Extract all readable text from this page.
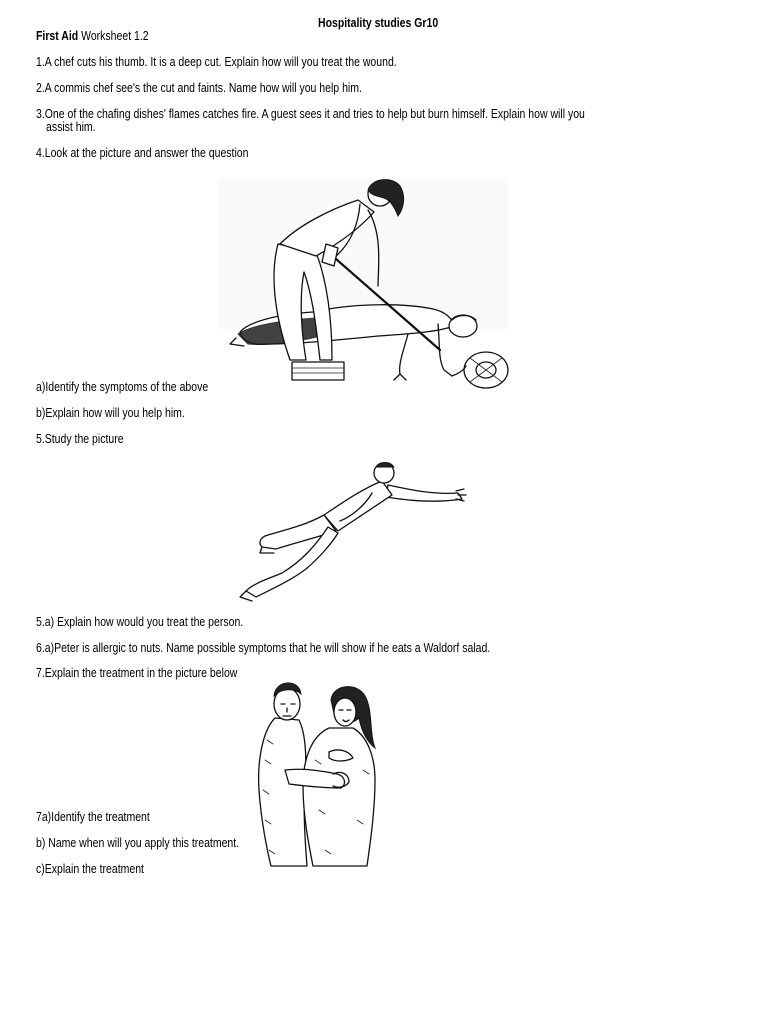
Hospitality studies Gr10
First Aid Worksheet 1.2
1.A chef cuts his thumb. It is a deep cut. Explain how will you treat the wound.
2.A commis chef see's the cut and faints. Name how will you help him.
3.One of the chafing dishes' flames catches fire. A guest sees it and tries to help but burn himself. Explain how will you
assist him.
4.Look at the picture and answer the question
a)Identify the symptoms of the above
b)Explain how will you help him.
5.Study the picture
5.a) Explain how would you treat the person.
6.a)Peter is allergic to nuts. Name possible symptoms that he will show if he eats a Waldorf salad.
7.Explain the treatment in the picture below
7a)Identify the treatment
b) Name when will you apply this treatment.
c)Explain the treatment
